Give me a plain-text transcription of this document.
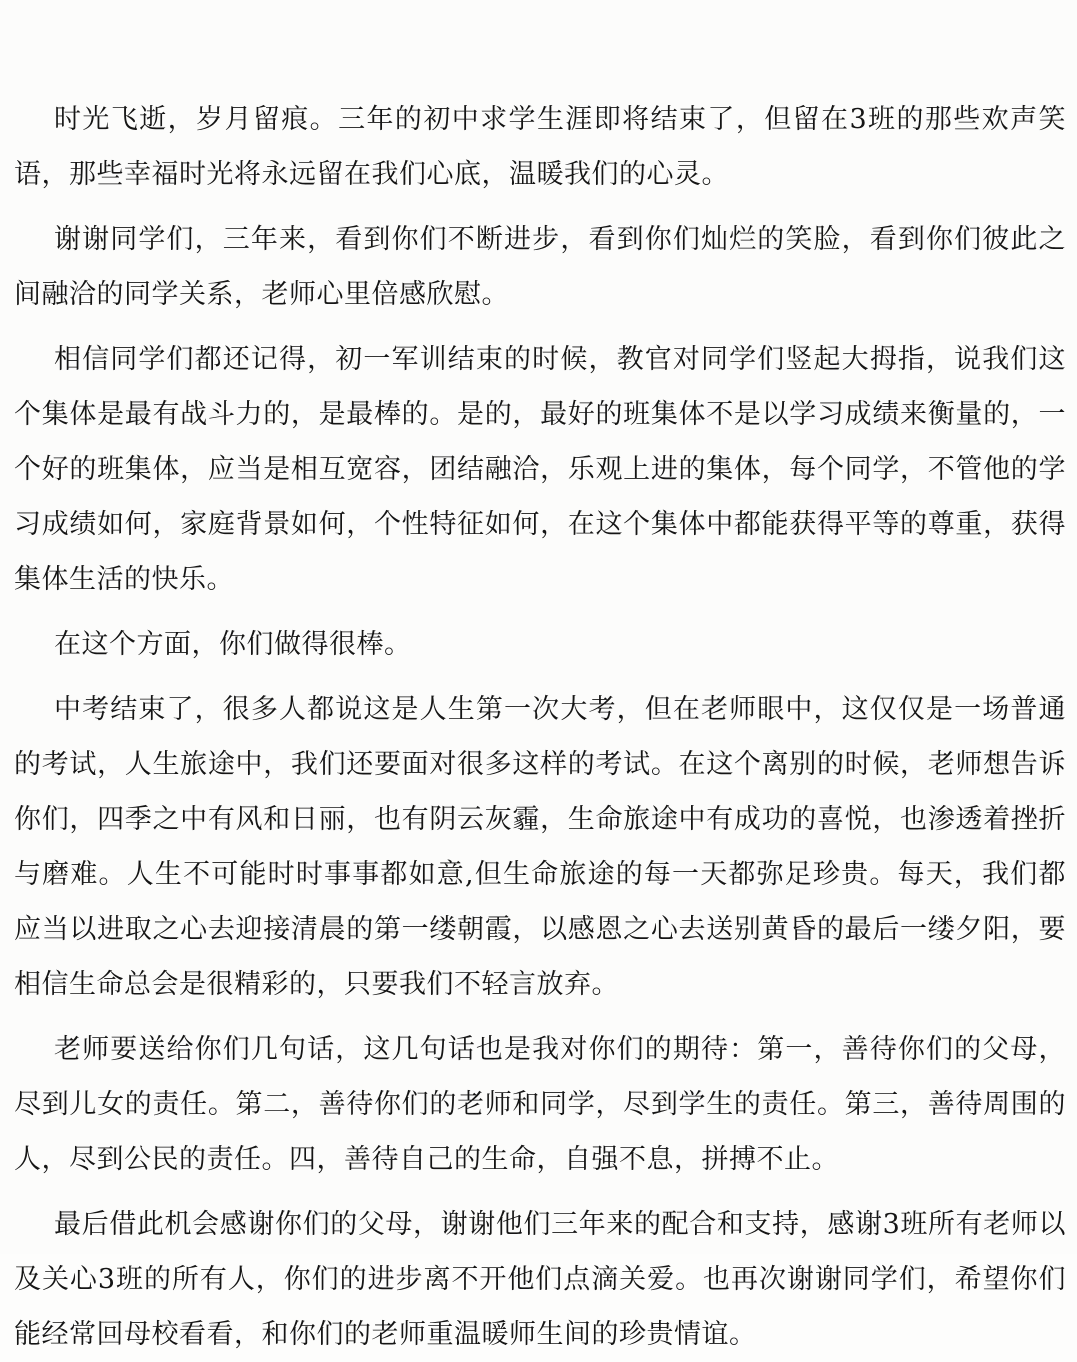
时光飞逝，岁月留痕。三年的初中求学生涯即将结束了，但留在3班的那些欢声笑语，那些幸福时光将永远留在我们心底，温暖我们的心灵。

谢谢同学们，三年来，看到你们不断进步，看到你们灿烂的笑脸，看到你们彼此之间融洽的同学关系，老师心里倍感欣慰。

相信同学们都还记得，初一军训结束的时候，教官对同学们竖起大拇指，说我们这个集体是最有战斗力的，是最棒的。是的，最好的班集体不是以学习成绩来衡量的，一个好的班集体，应当是相互宽容，团结融洽，乐观上进的集体，每个同学，不管他的学习成绩如何，家庭背景如何，个性特征如何，在这个集体中都能获得平等的尊重，获得集体生活的快乐。

在这个方面，你们做得很棒。

中考结束了，很多人都说这是人生第一次大考，但在老师眼中，这仅仅是一场普通的考试，人生旅途中，我们还要面对很多这样的考试。在这个离别的时候，老师想告诉你们，四季之中有风和日丽，也有阴云灰霾，生命旅途中有成功的喜悦，也渗透着挫折与磨难。人生不可能时时事事都如意,但生命旅途的每一天都弥足珍贵。每天，我们都应当以进取之心去迎接清晨的第一缕朝霞，以感恩之心去送别黄昏的最后一缕夕阳，要相信生命总会是很精彩的，只要我们不轻言放弃。

老师要送给你们几句话，这几句话也是我对你们的期待：第一，善待你们的父母，尽到儿女的责任。第二，善待你们的老师和同学，尽到学生的责任。第三，善待周围的人，尽到公民的责任。四，善待自己的生命，自强不息，拼搏不止。

最后借此机会感谢你们的父母，谢谢他们三年来的配合和支持，感谢3班所有老师以及关心3班的所有人，你们的进步离不开他们点滴关爱。也再次谢谢同学们，希望你们能经常回母校看看，和你们的老师重温暖师生间的珍贵情谊。
